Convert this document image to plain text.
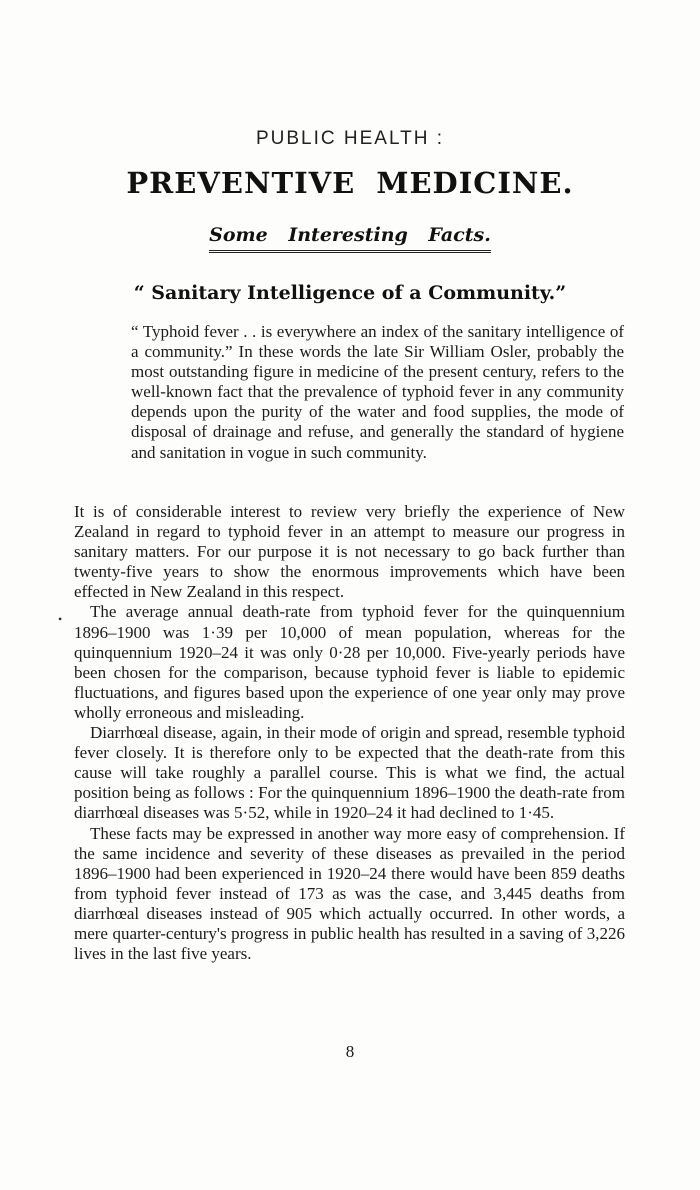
PUBLIC HEALTH :
PREVENTIVE MEDICINE.
Some Interesting Facts.
“ Sanitary Intelligence of a Community.”
“ Typhoid fever . . is everywhere an index of the sanitary intelligence of a community.” In these words the late Sir William Osler, probably the most outstanding figure in medicine of the present century, refers to the well-known fact that the prevalence of typhoid fever in any community depends upon the purity of the water and food supplies, the mode of disposal of drainage and refuse, and generally the standard of hygiene and sanitation in vogue in such community.
•

It is of considerable interest to review very briefly the experience of New Zealand in regard to typhoid fever in an attempt to measure our progress in sanitary matters. For our purpose it is not necessary to go back further than twenty-five years to show the enormous improvements which have been effected in New Zealand in this respect.

The average annual death-rate from typhoid fever for the quinquennium 1896–1900 was 1·39 per 10,000 of mean population, whereas for the quinquennium 1920–24 it was only 0·28 per 10,000. Five-yearly periods have been chosen for the comparison, because typhoid fever is liable to epidemic fluctuations, and figures based upon the experience of one year only may prove wholly erroneous and misleading.

Diarrhœal disease, again, in their mode of origin and spread, resemble typhoid fever closely. It is therefore only to be expected that the death-rate from this cause will take roughly a parallel course. This is what we find, the actual position being as follows : For the quinquennium 1896–1900 the death-rate from diarrhœal diseases was 5·52, while in 1920–24 it had declined to 1·45.

These facts may be expressed in another way more easy of comprehension. If the same incidence and severity of these diseases as prevailed in the period 1896–1900 had been experienced in 1920–24 there would have been 859 deaths from typhoid fever instead of 173 as was the case, and 3,445 deaths from diarrhœal diseases instead of 905 which actually occurred. In other words, a mere quarter-century's progress in public health has resulted in a saving of 3,226 lives in the last five years.

8
